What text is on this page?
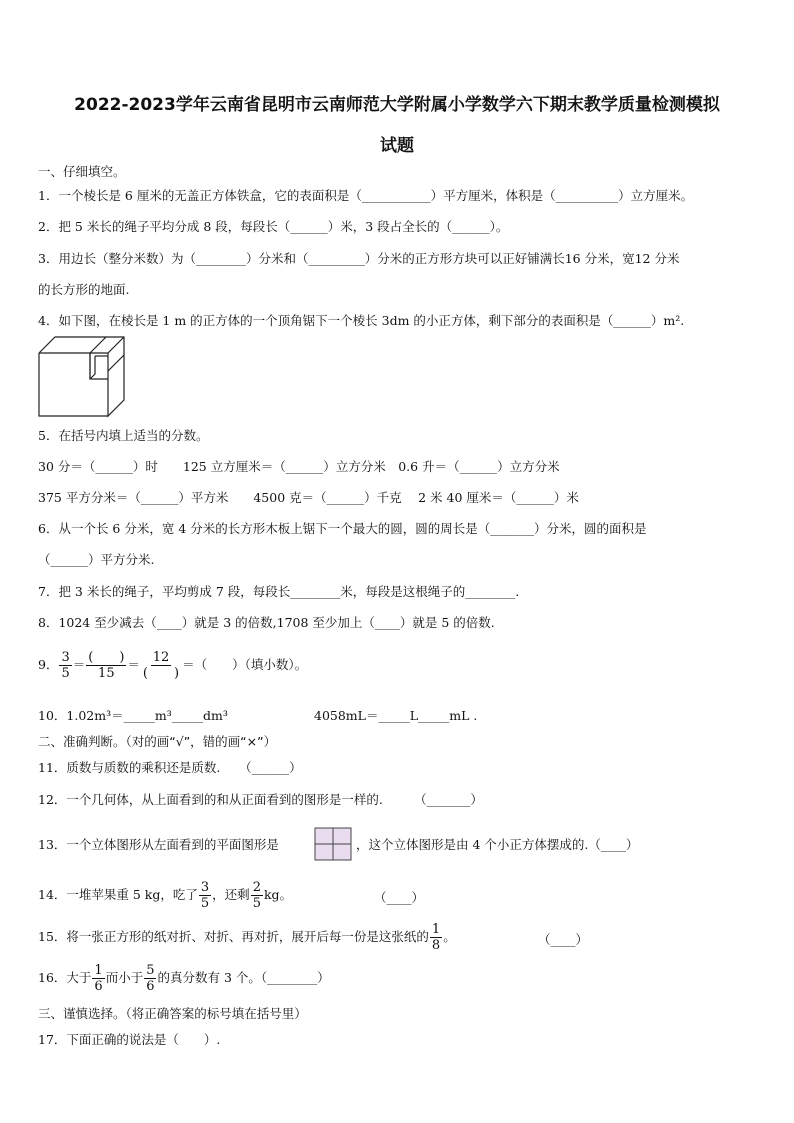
2022-2023学年云南省昆明市云南师范大学附属小学数学六下期末教学质量检测模拟
试题
一、仔细填空。
1．一个棱长是 6 厘米的无盖正方体铁盒，它的表面积是（___________）平方厘米，体积是（__________）立方厘米。
2．把 5 米长的绳子平均分成 8 段，每段长（______）米，3 段占全长的（______）。
3．用边长（整分米数）为（________）分米和（_________）分米的正方形方块可以正好铺满长16 分米，宽12 分米
的长方形的地面.
4．如下图，在棱长是 1 m 的正方体的一个顶角锯下一个棱长 3dm 的小正方体，剩下部分的表面积是（______）m².
5．在括号内填上适当的分数。
30 分＝（______）时　　125 立方厘米＝（______）立方分米　0.6 升＝（______）立方分米
375 平方分米＝（______）平方米　　4500 克＝（______）千克　 2 米 40 厘米＝（______）米
6．从一个长 6 分米，宽 4 分米的长方形木板上锯下一个最大的圆，圆的周长是（_______）分米，圆的面积是
（______）平方分米.
7．把 3 米长的绳子，平均剪成 7 段，每段长________米，每段是这根绳子的________.
8．1024 至少减去（____）就是 3 的倍数,1708 至少加上（____）就是 5 的倍数.
9． $\frac{3}{5} = \frac{( )}{15} = \frac{12}{( )}$ ＝（　　）（填小数）。
10．1.02m³＝_____m³_____dm³	4058mL＝_____L_____mL .
二、准确判断。（对的画“√”，错的画“×”）
11．质数与质数的乘积还是质数.　　（______）
12．一个几何体，从上面看到的和从正面看到的图形是一样的.　　　（_______）
13．一个立体图形从左面看到的平面图形是	，这个立体图形是由 4 个小正方体摆成的.（____）
14．一堆苹果重 5 kg，吃了 $\frac{3}{5}$ ，还剩 $\frac{2}{5}$ kg。	（____）
15．将一张正方形的纸对折、对折、再对折，展开后每一份是这张纸的 $\frac{1}{8}$ 。	（____）
16．大于 $\frac{1}{6}$ 而小于 $\frac{5}{6}$ 的真分数有 3 个。（________）
三、谨慎选择。（将正确答案的标号填在括号里）
17．下面正确的说法是（　　）.
